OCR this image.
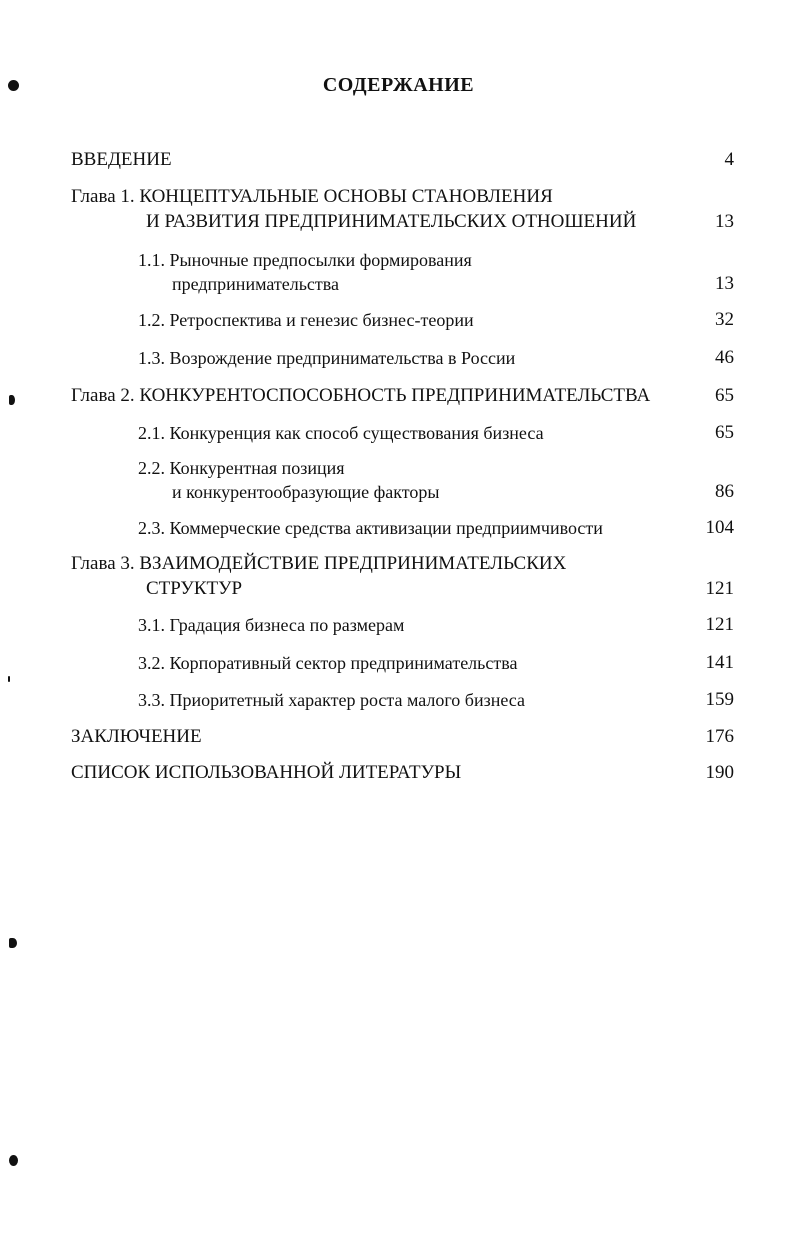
СОДЕРЖАНИЕ
ВВЕДЕНИЕ	4
Глава 1. КОНЦЕПТУАЛЬНЫЕ ОСНОВЫ СТАНОВЛЕНИЯ
И РАЗВИТИЯ ПРЕДПРИНИМАТЕЛЬСКИХ ОТНОШЕНИЙ	13
1.1. Рыночные предпосылки формирования
предпринимательства	13
1.2. Ретроспектива и генезис бизнес-теории	32
1.3. Возрождение предпринимательства в России	46
Глава 2. КОНКУРЕНТОСПОСОБНОСТЬ ПРЕДПРИНИМАТЕЛЬСТВА	65
2.1. Конкуренция как способ существования бизнеса	65
2.2. Конкурентная позиция
и конкурентообразующие факторы	86
2.3. Коммерческие средства активизации предприимчивости	104
Глава 3. ВЗАИМОДЕЙСТВИЕ ПРЕДПРИНИМАТЕЛЬСКИХ
СТРУКТУР	121
3.1. Градация бизнеса по размерам	121
3.2. Корпоративный сектор предпринимательства	141
3.3. Приоритетный характер роста малого бизнеса	159
ЗАКЛЮЧЕНИЕ	176
СПИСОК ИСПОЛЬЗОВАННОЙ ЛИТЕРАТУРЫ	190
